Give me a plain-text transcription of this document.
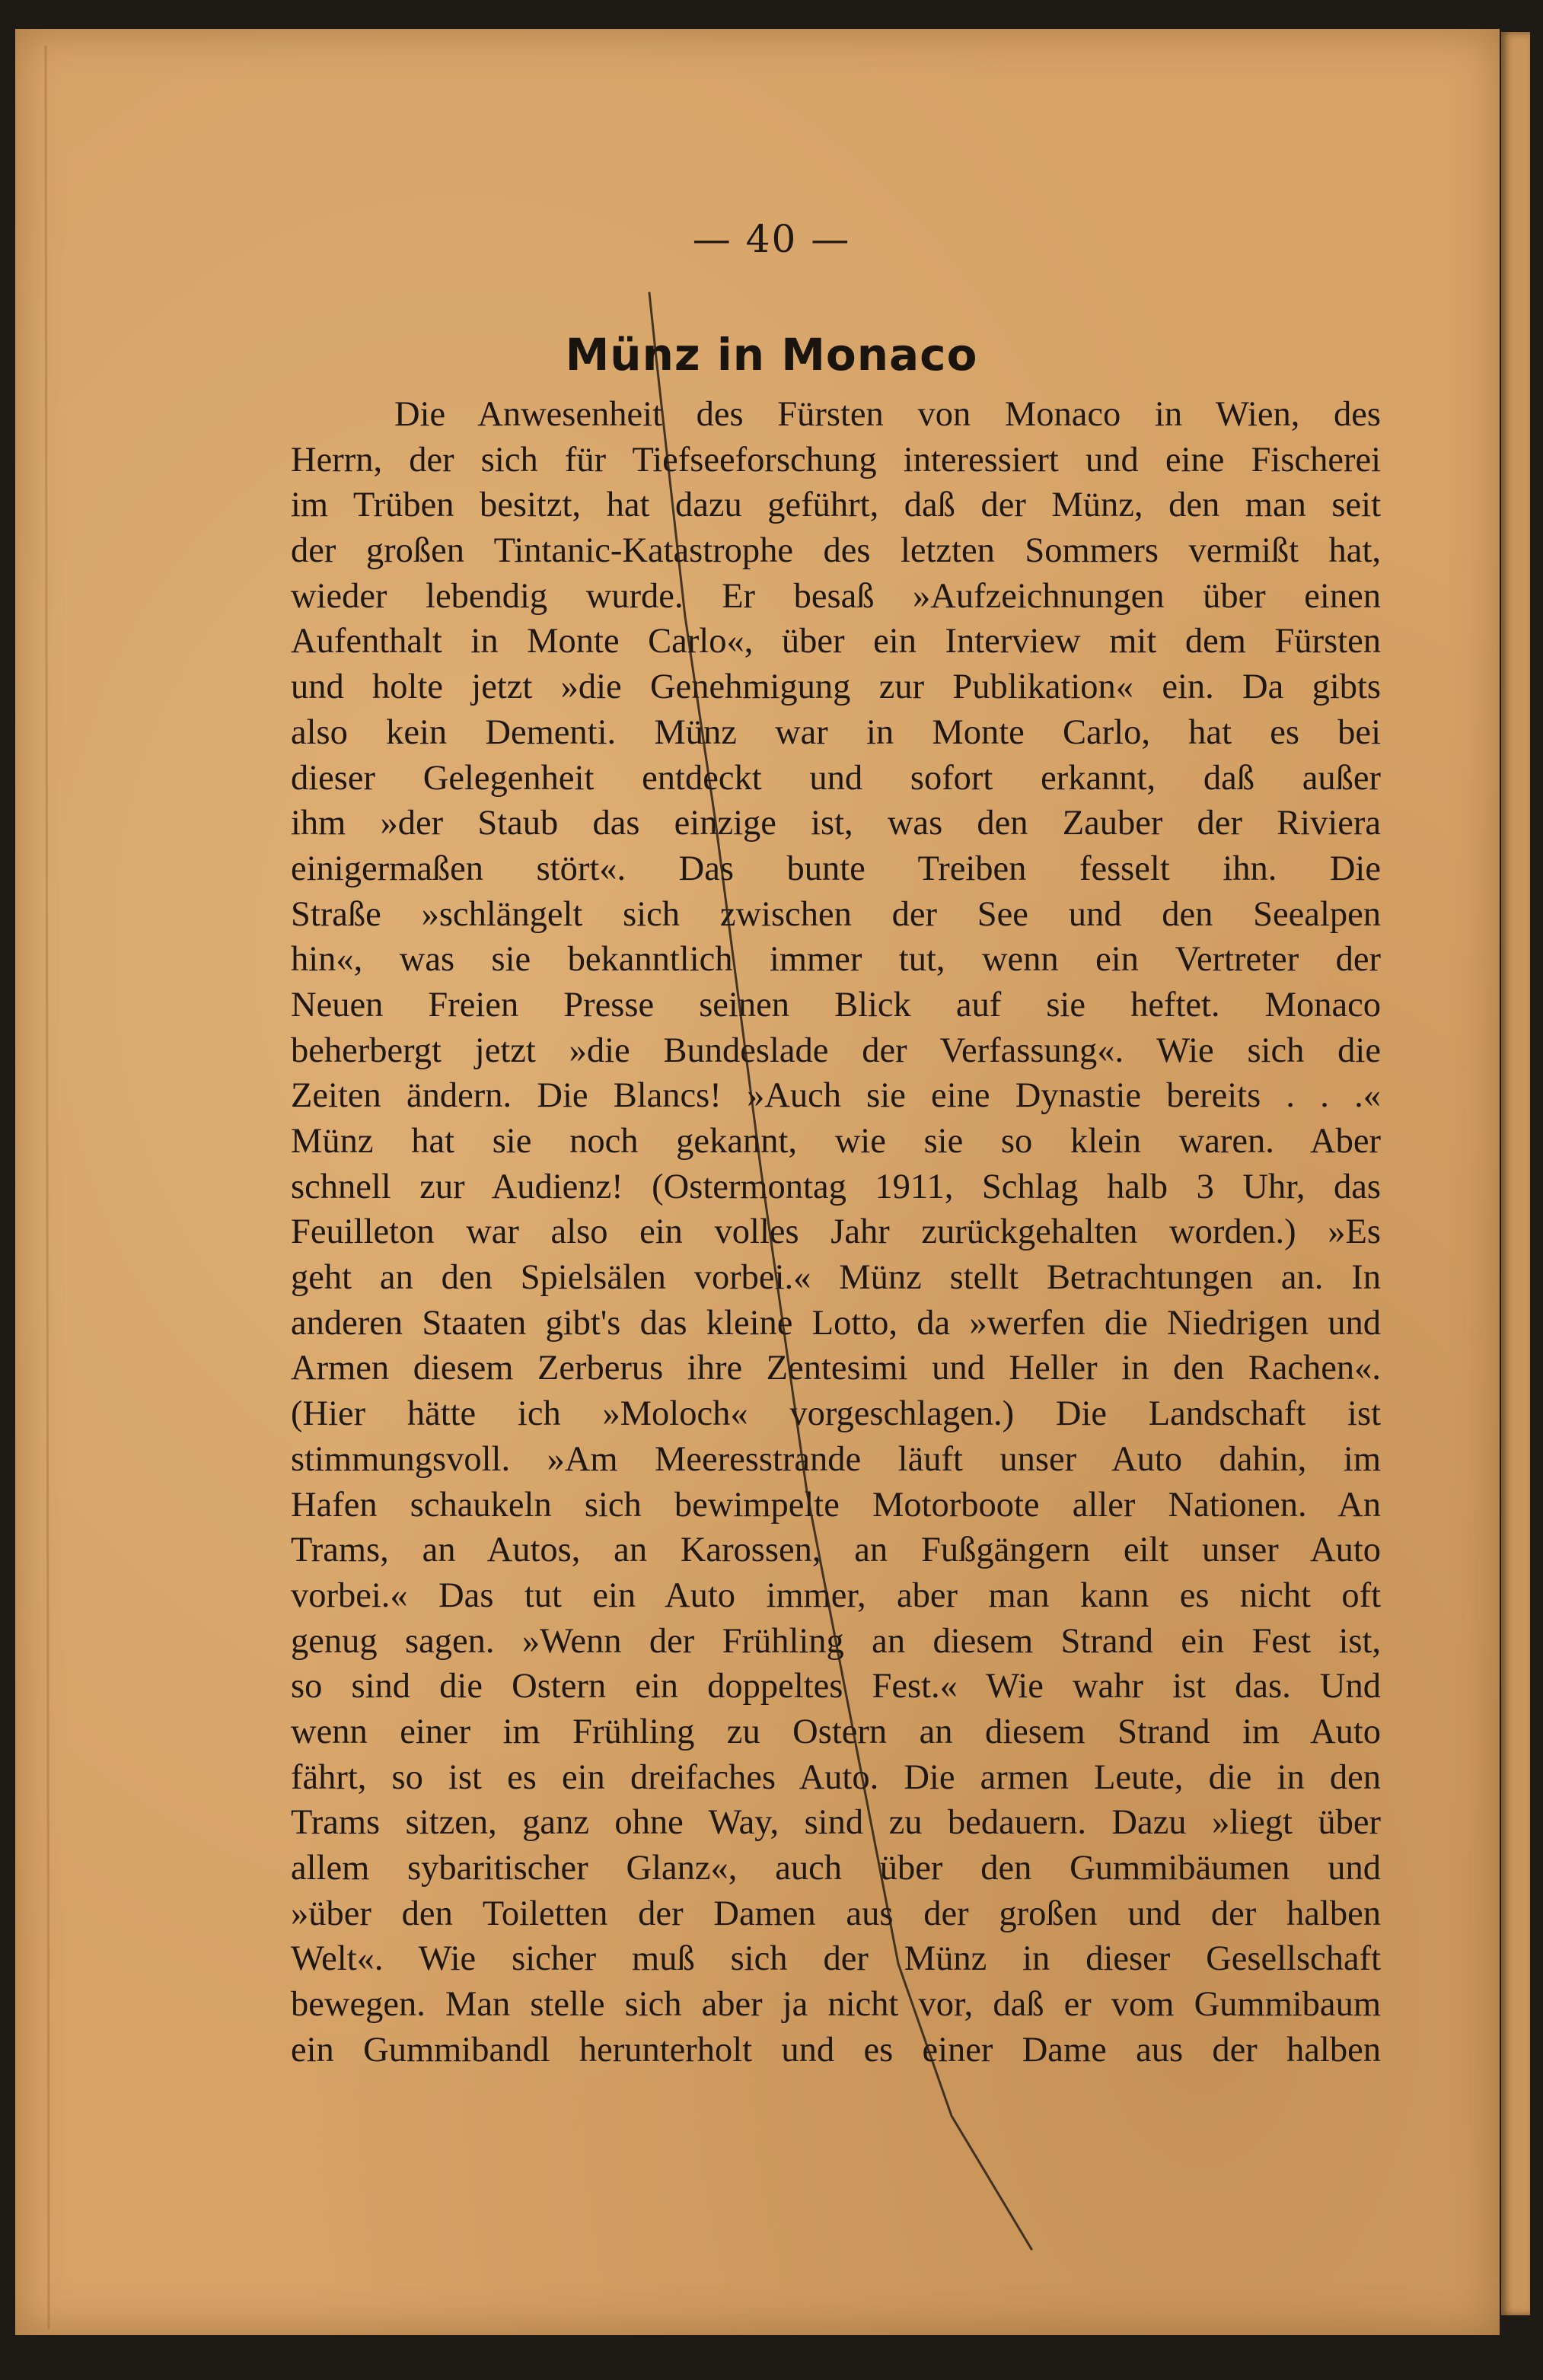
— 40 —
Münz in Monaco
Die Anwesenheit des Fürsten von Monaco in Wien, des
Herrn, der sich für Tiefseeforschung interessiert und eine Fischerei
im Trüben besitzt, hat dazu geführt, daß der Münz, den man seit
der großen Tintanic-Katastrophe des letzten Sommers vermißt hat,
wieder lebendig wurde. Er besaß »Aufzeichnungen über einen
Aufenthalt in Monte Carlo«, über ein Interview mit dem Fürsten
und holte jetzt »die Genehmigung zur Publikation« ein. Da gibts
also kein Dementi. Münz war in Monte Carlo, hat es bei
dieser Gelegenheit entdeckt und sofort erkannt, daß außer
ihm »der Staub das einzige ist, was den Zauber der Riviera
einigermaßen stört«. Das bunte Treiben fesselt ihn. Die
Straße »schlängelt sich zwischen der See und den Seealpen
hin«, was sie bekanntlich immer tut, wenn ein Vertreter der
Neuen Freien Presse seinen Blick auf sie heftet. Monaco
beherbergt jetzt »die Bundeslade der Verfassung«. Wie sich die
Zeiten ändern. Die Blancs! »Auch sie eine Dynastie bereits . . .«
Münz hat sie noch gekannt, wie sie so klein waren. Aber
schnell zur Audienz! (Ostermontag 1911, Schlag halb 3 Uhr, das
Feuilleton war also ein volles Jahr zurückgehalten worden.) »Es
geht an den Spielsälen vorbei.« Münz stellt Betrachtungen an. In
anderen Staaten gibt's das kleine Lotto, da »werfen die Niedrigen und
Armen diesem Zerberus ihre Zentesimi und Heller in den Rachen«.
(Hier hätte ich »Moloch« vorgeschlagen.) Die Landschaft ist
stimmungsvoll. »Am Meeresstrande läuft unser Auto dahin, im
Hafen schaukeln sich bewimpelte Motorboote aller Nationen. An
Trams, an Autos, an Karossen, an Fußgängern eilt unser Auto
vorbei.« Das tut ein Auto immer, aber man kann es nicht oft
genug sagen. »Wenn der Frühling an diesem Strand ein Fest ist,
so sind die Ostern ein doppeltes Fest.« Wie wahr ist das. Und
wenn einer im Frühling zu Ostern an diesem Strand im Auto
fährt, so ist es ein dreifaches Auto. Die armen Leute, die in den
Trams sitzen, ganz ohne Way, sind zu bedauern. Dazu »liegt über
allem sybaritischer Glanz«, auch über den Gummibäumen und
»über den Toiletten der Damen aus der großen und der halben
Welt«. Wie sicher muß sich der Münz in dieser Gesellschaft
bewegen. Man stelle sich aber ja nicht vor, daß er vom Gummibaum
ein Gummibandl herunterholt und es einer Dame aus der halben
